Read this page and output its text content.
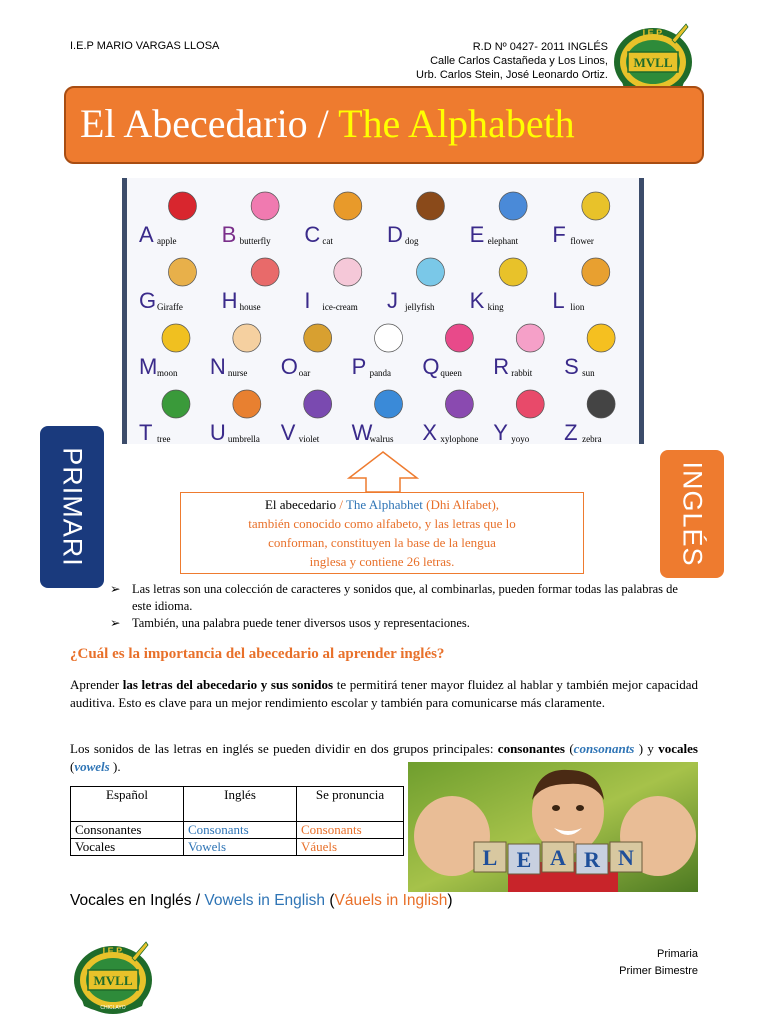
I.E.P MARIO VARGAS LLOSA	R.D Nº 0427- 2011 INGLÉS
Calle Carlos Castañeda y Los Linos,
Urb. Carlos Stein, José Leonardo Ortiz.
MVLL
I.E.P.
El Abecedario / The Alphabeth
A apple B butterfly C cat D dog E elephant F flower
G Giraffe H house I ice-cream J jellyfish K king L lion
M moon N nurse O oar P panda Q queen R rabbit S sun
T tree U umbrella V violet W
walrus X xylophone Y yoyo Z zebra
PRIMARI	INGLÉS
El abecedario / The Alphabhet (Dhi Alfabet),
también conocido como alfabeto, y las letras que lo
conforman, constituyen la base de la lengua
inglesa y contiene 26 letras.
➢ Las letras son una colección de caracteres y sonidos que, al combinarlas, pueden formar todas las palabras de este idioma.
➢ También, una palabra puede tener diversos usos y representaciones.
¿Cuál es la importancia del abecedario al aprender inglés?
Aprender las letras del abecedario y sus sonidos te permitirá tener mayor fluidez al hablar y también mejor capacidad auditiva. Esto es clave para un mejor rendimiento escolar y también para comunicarse más claramente.
Los sonidos de las letras en inglés se pueden dividir en dos grupos principales: consonantes (consonants ) y vocales (vowels ).
Español	Inglés	Se pronuncia
Consonantes	Consonants	Consonants
Vocales	Vowels	Váuels	L E A R N
Vocales en Inglés / Vowels in English (Váuels in Inglish)
MVLL
I.E.P.
CHICLAYO
Primaria
Primer Bimestre
